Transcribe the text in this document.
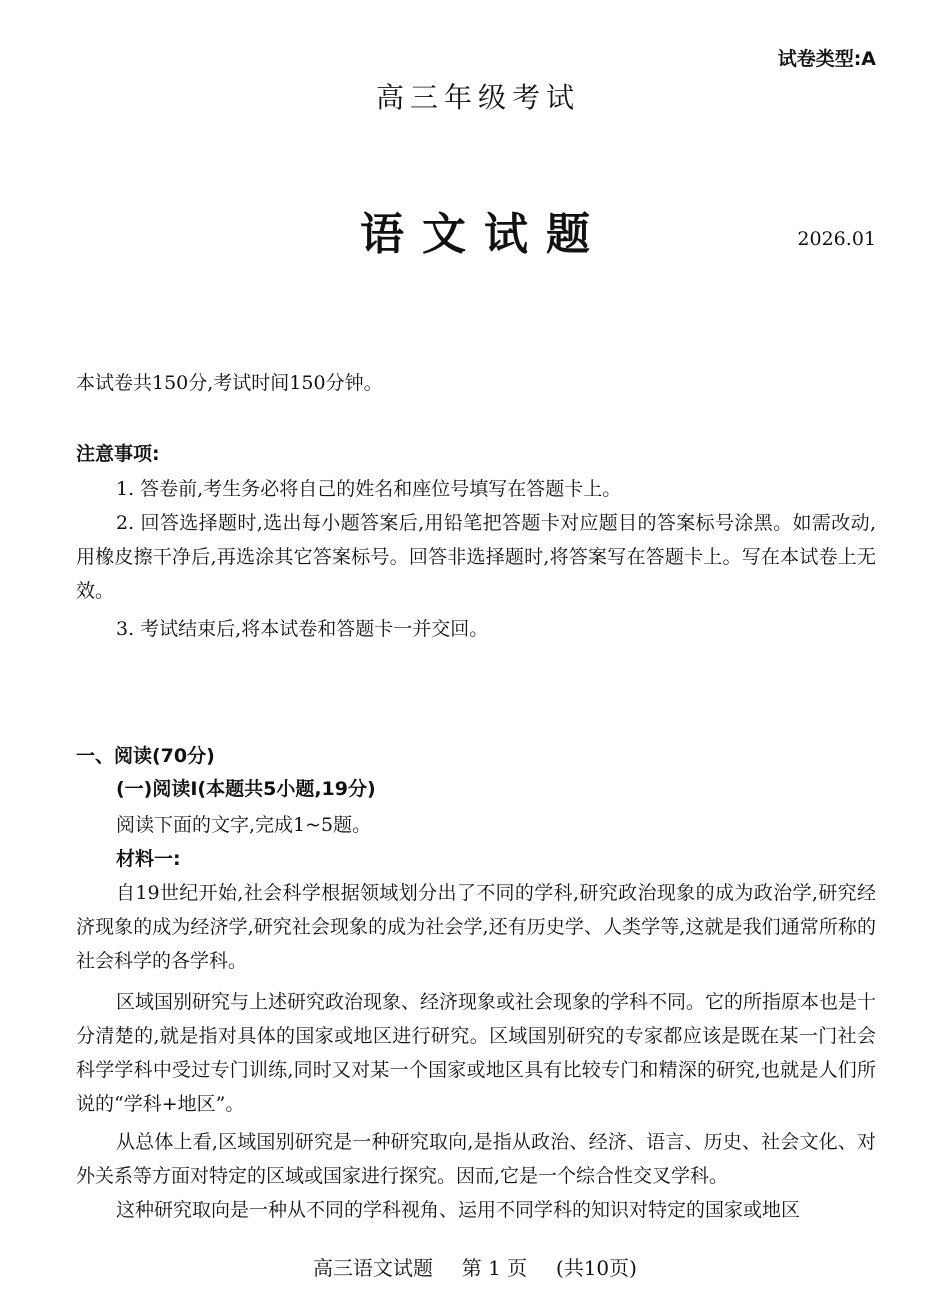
试卷类型:A
高三年级考试
语文试题	2026.01
本试卷共150分,考试时间150分钟。
注意事项:
1. 答卷前,考生务必将自己的姓名和座位号填写在答题卡上。
2. 回答选择题时,选出每小题答案后,用铅笔把答题卡对应题目的答案标号涂黑。如需改动,用橡皮擦干净后,再选涂其它答案标号。回答非选择题时,将答案写在答题卡上。写在本试卷上无效。
3. 考试结束后,将本试卷和答题卡一并交回。
一、阅读(70分)
(一)阅读Ⅰ(本题共5小题,19分)
阅读下面的文字,完成1~5题。
材料一:
自19世纪开始,社会科学根据领域划分出了不同的学科,研究政治现象的成为政治学,研究经济现象的成为经济学,研究社会现象的成为社会学,还有历史学、人类学等,这就是我们通常所称的社会科学的各学科。
区域国别研究与上述研究政治现象、经济现象或社会现象的学科不同。它的所指原本也是十分清楚的,就是指对具体的国家或地区进行研究。区域国别研究的专家都应该是既在某一门社会科学学科中受过专门训练,同时又对某一个国家或地区具有比较专门和精深的研究,也就是人们所说的“学科+地区”。
从总体上看,区域国别研究是一种研究取向,是指从政治、经济、语言、历史、社会文化、对外关系等方面对特定的区域或国家进行探究。因而,它是一个综合性交叉学科。
这种研究取向是一种从不同的学科视角、运用不同学科的知识对特定的国家或地区
高三语文试题 第 1 页 (共10页)
